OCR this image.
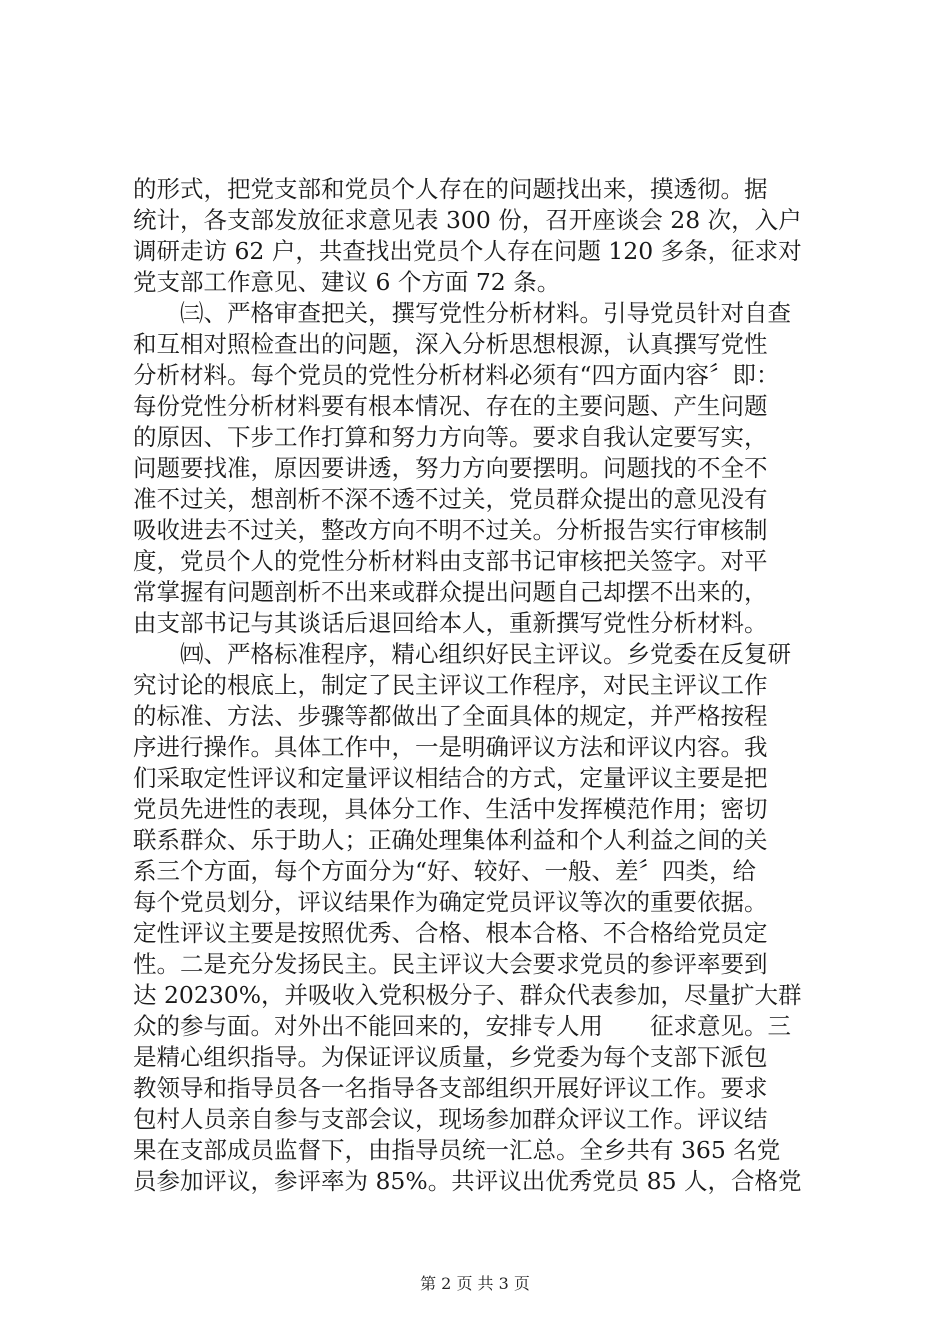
的形式，把党支部和党员个人存在的问题找出来，摸透彻。据
统计，各支部发放征求意见表 300 份，召开座谈会 28 次，入户
调研走访 62 户，共查找出党员个人存在问题 120 多条，征求对
党支部工作意见、建议 6 个方面 72 条。
　　㈢、严格审查把关，撰写党性分析材料。引导党员针对自查
和互相对照检查出的问题，深入分析思想根源，认真撰写党性
分析材料。每个党员的党性分析材料必须有“四方面内容〞即：
每份党性分析材料要有根本情况、存在的主要问题、产生问题
的原因、下步工作打算和努力方向等。要求自我认定要写实，
问题要找准，原因要讲透，努力方向要摆明。问题找的不全不
准不过关，想剖析不深不透不过关，党员群众提出的意见没有
吸收进去不过关，整改方向不明不过关。分析报告实行审核制
度，党员个人的党性分析材料由支部书记审核把关签字。对平
常掌握有问题剖析不出来或群众提出问题自己却摆不出来的，
由支部书记与其谈话后退回给本人，重新撰写党性分析材料。
　　㈣、严格标准程序，精心组织好民主评议。乡党委在反复研
究讨论的根底上，制定了民主评议工作程序，对民主评议工作
的标准、方法、步骤等都做出了全面具体的规定，并严格按程
序进行操作。具体工作中，一是明确评议方法和评议内容。我
们采取定性评议和定量评议相结合的方式，定量评议主要是把
党员先进性的表现，具体分工作、生活中发挥模范作用；密切
联系群众、乐于助人；正确处理集体利益和个人利益之间的关
系三个方面，每个方面分为“好、较好、一般、差〞四类，给
每个党员划分，评议结果作为确定党员评议等次的重要依据。
定性评议主要是按照优秀、合格、根本合格、不合格给党员定
性。二是充分发扬民主。民主评议大会要求党员的参评率要到
达 20230%，并吸收入党积极分子、群众代表参加，尽量扩大群
众的参与面。对外出不能回来的，安排专人用　　征求意见。三
是精心组织指导。为保证评议质量，乡党委为每个支部下派包
教领导和指导员各一名指导各支部组织开展好评议工作。要求
包村人员亲自参与支部会议，现场参加群众评议工作。评议结
果在支部成员监督下，由指导员统一汇总。全乡共有 365 名党
员参加评议，参评率为 85%。共评议出优秀党员 85 人，合格党
第 2 页 共 3 页
